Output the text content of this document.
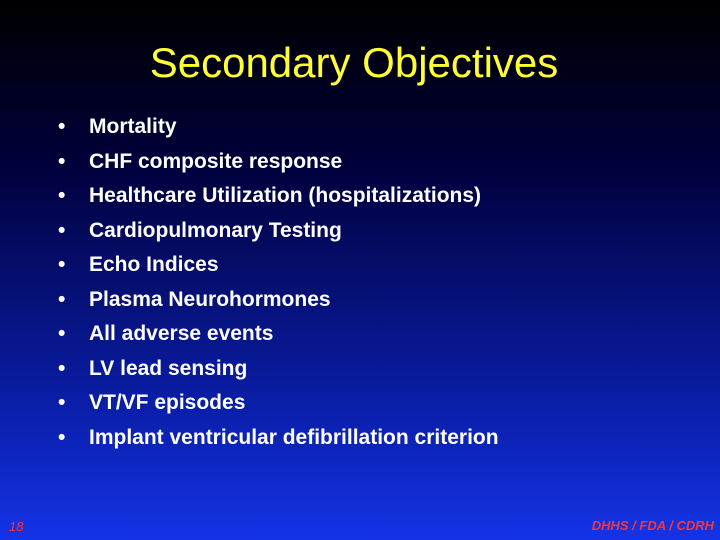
Secondary Objectives
•	Mortality
•	CHF composite response
•	Healthcare Utilization (hospitalizations)
•	Cardiopulmonary Testing
•	Echo Indices
•	Plasma Neurohormones
•	All adverse events
•	LV lead sensing
•	VT/VF episodes
•	Implant ventricular defibrillation criterion
18	DHHS / FDA / CDRH
